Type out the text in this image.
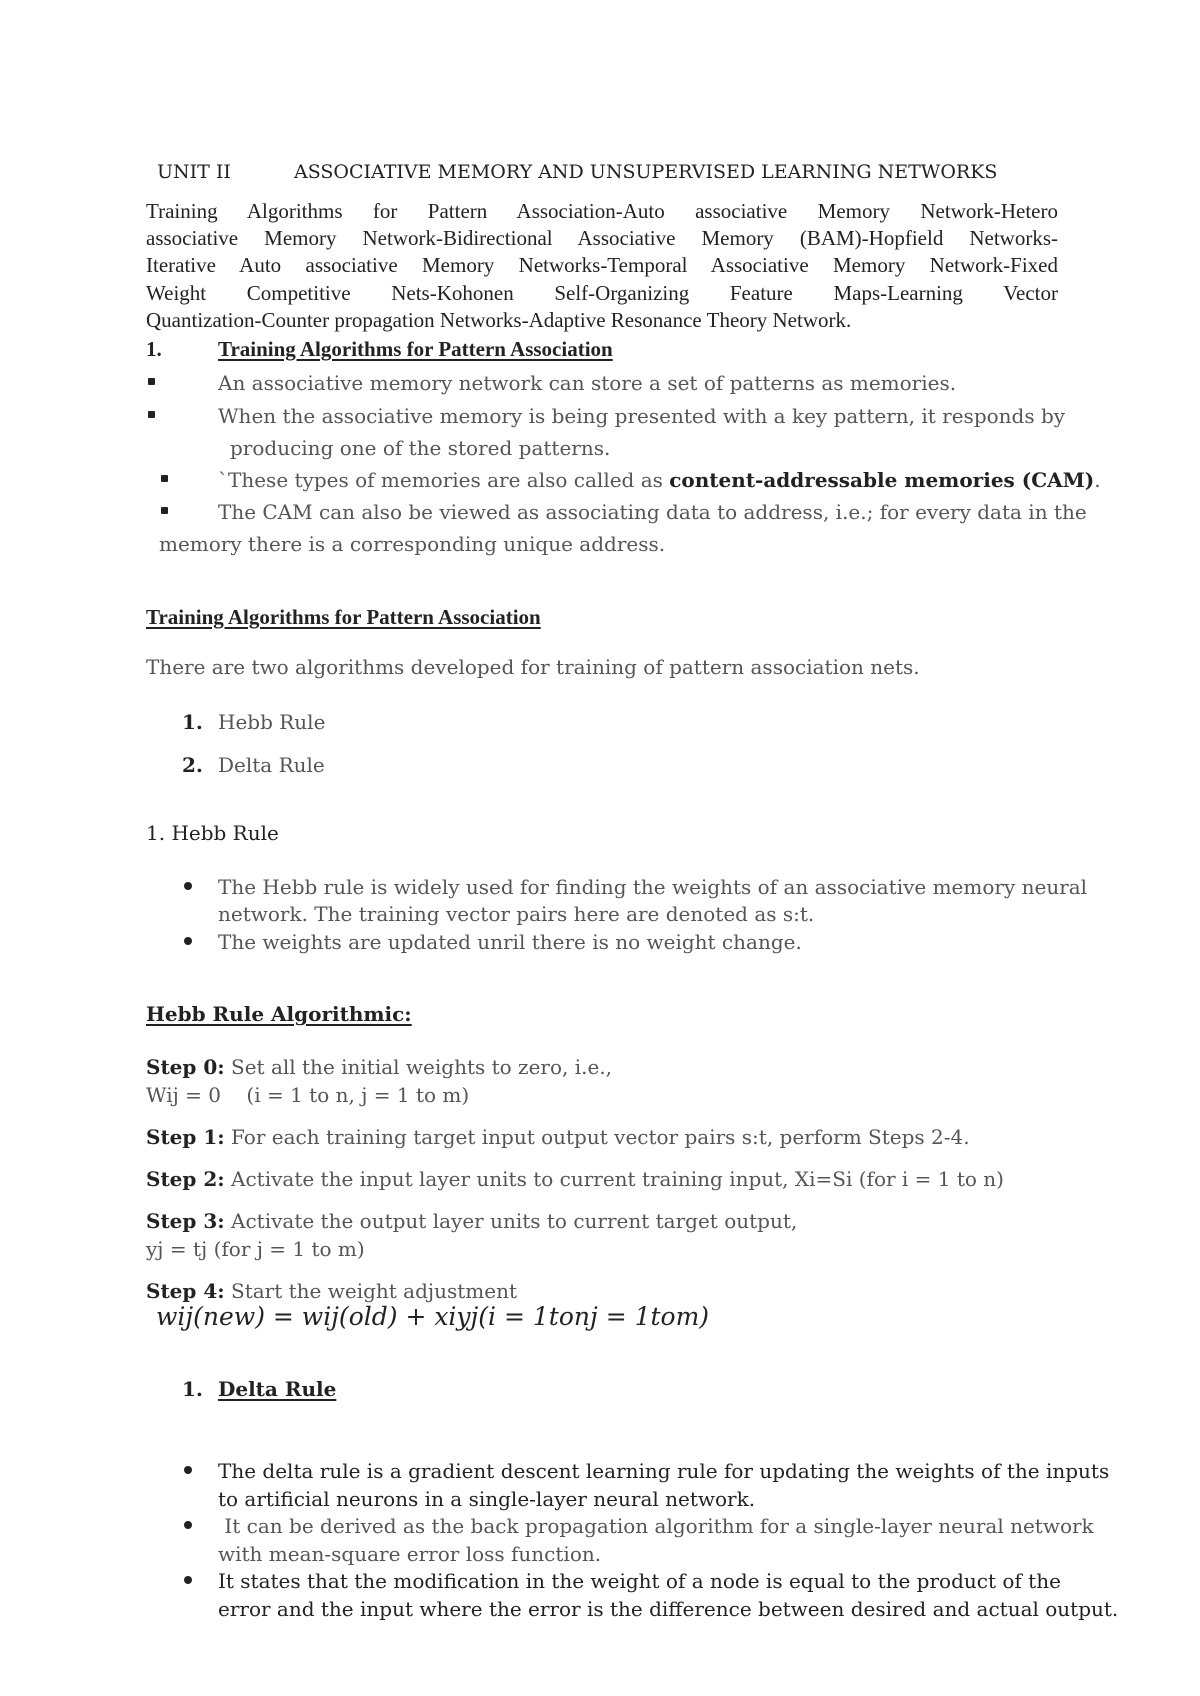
UNIT II	ASSOCIATIVE MEMORY AND UNSUPERVISED LEARNING NETWORKS
Training Algorithms for Pattern Association-Auto associative Memory Network-Hetero
associative Memory Network-Bidirectional Associative Memory (BAM)-Hopfield Networks-
Iterative Auto associative Memory Networks-Temporal Associative Memory Network-Fixed
Weight Competitive Nets-Kohonen Self-Organizing Feature Maps-Learning Vector
Quantization-Counter propagation Networks-Adaptive Resonance Theory Network.
1.	Training Algorithms for Pattern Association
An associative memory network can store a set of patterns as memories.
When the associative memory is being presented with a key pattern, it responds by
producing one of the stored patterns.
`These types of memories are also called as content-addressable memories (CAM).
The CAM can also be viewed as associating data to address, i.e.; for every data in the
memory there is a corresponding unique address.
Training Algorithms for Pattern Association
There are two algorithms developed for training of pattern association nets.
1. Hebb Rule
2. Delta Rule
1. Hebb Rule
The Hebb rule is widely used for finding the weights of an associative memory neural
network. The training vector pairs here are denoted as s:t.
The weights are updated unril there is no weight change.
Hebb Rule Algorithmic:
Step 0: Set all the initial weights to zero, i.e.,
Wij = 0    (i = 1 to n, j = 1 to m)
Step 1: For each training target input output vector pairs s:t, perform Steps 2-4.
Step 2: Activate the input layer units to current training input, Xi=Si (for i = 1 to n)
Step 3: Activate the output layer units to current target output,
yj = tj (for j = 1 to m)
Step 4: Start the weight adjustment
wij(new) = wij(old) + xiyj(i = 1tonj = 1tom)
1. Delta Rule
The delta rule is a gradient descent learning rule for updating the weights of the inputs
to artificial neurons in a single-layer neural network.
It can be derived as the back propagation algorithm for a single-layer neural network
with mean-square error loss function.
It states that the modification in the weight of a node is equal to the product of the
error and the input where the error is the difference between desired and actual output.
